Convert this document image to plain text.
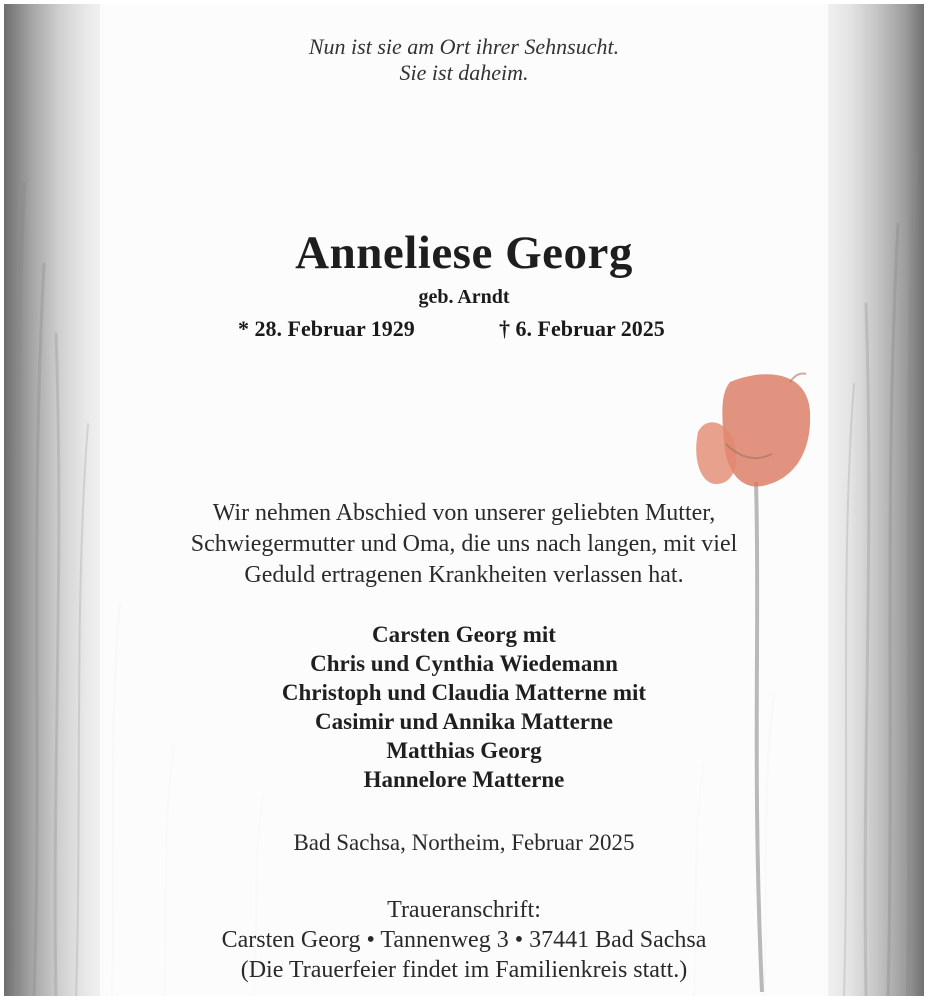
Nun ist sie am Ort ihrer Sehnsucht.
Sie ist daheim.
Anneliese Georg
geb. Arndt
* 28. Februar 1929	† 6. Februar 2025
Wir nehmen Abschied von unserer geliebten Mutter,
Schwiegermutter und Oma, die uns nach langen, mit viel
Geduld ertragenen Krankheiten verlassen hat.
Carsten Georg mit
Chris und Cynthia Wiedemann
Christoph und Claudia Matterne mit
Casimir und Annika Matterne
Matthias Georg
Hannelore Matterne
Bad Sachsa, Northeim, Februar 2025
Traueranschrift:
Carsten Georg • Tannenweg 3 • 37441 Bad Sachsa
(Die Trauerfeier findet im Familienkreis statt.)
